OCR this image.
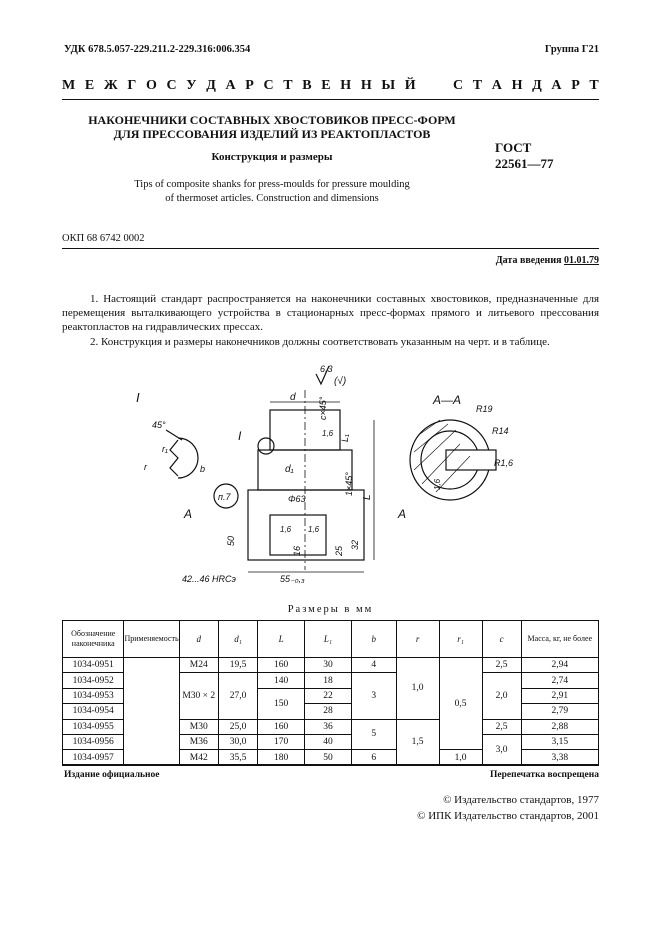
УДК 678.5.057-229.211.2-229.316:006.354	Группа Г21
М Е Ж Г О С У Д А Р С Т В Е Н Н Ы Й	С Т А Н Д А Р Т
НАКОНЕЧНИКИ СОСТАВНЫХ ХВОСТОВИКОВ ПРЕСС-ФОРМ
ДЛЯ ПРЕССОВАНИЯ ИЗДЕЛИЙ ИЗ РЕАКТОПЛАСТОВ
Конструкция и размеры
ГОСТ
22561—77
Tips of composite shanks for press-moulds for pressure moulding
of thermoset articles. Construction and dimensions
ОКП 68 6742 0002
Дата введения 01.01.79

1. Настоящий стандарт распространяется на наконечники составных хвостовиков, предназначенные для перемещения выталкивающего устройства в стационарных пресс-формах прямого и литьевого прессования реактопластов на гидравлических прессах.

2. Конструкция и размеры наконечников должны соответствовать указанным на черт. и в таблице.

6,3
(√)
I
45°
r₁
r	b
d
d₁
Φ63
1,6
1,6 1,6
c×45°
L₁
L
1×45°
25
32
16
50
п.7
А	А
I
55₋₀,₃
42...46 HRCэ
А—А
R19
R14
R1,6
1,6
Размеры в мм
Обозначение наконечника	Применяемость	d	d₁	L	L₁	b	r	r₁	c	Масса, кг, не более
1034-0951		M24	19,5	160	30	4	1,0	0,5	2,5	2,94
1034-0952		M30 × 2	27,0	140	18	3			2,0	2,74
1034-0953				150	22					2,91
1034-0954					28					2,79
1034-0955		M30	25,0	160	36	5	1,5		2,5	2,88
1034-0956		M36	30,0	170	40				3,0	3,15
1034-0957		M42	35,5	180	50	6		1,0		3,38
Издание официальное	Перепечатка воспрещена
© Издательство стандартов, 1977
© ИПК Издательство стандартов, 2001
